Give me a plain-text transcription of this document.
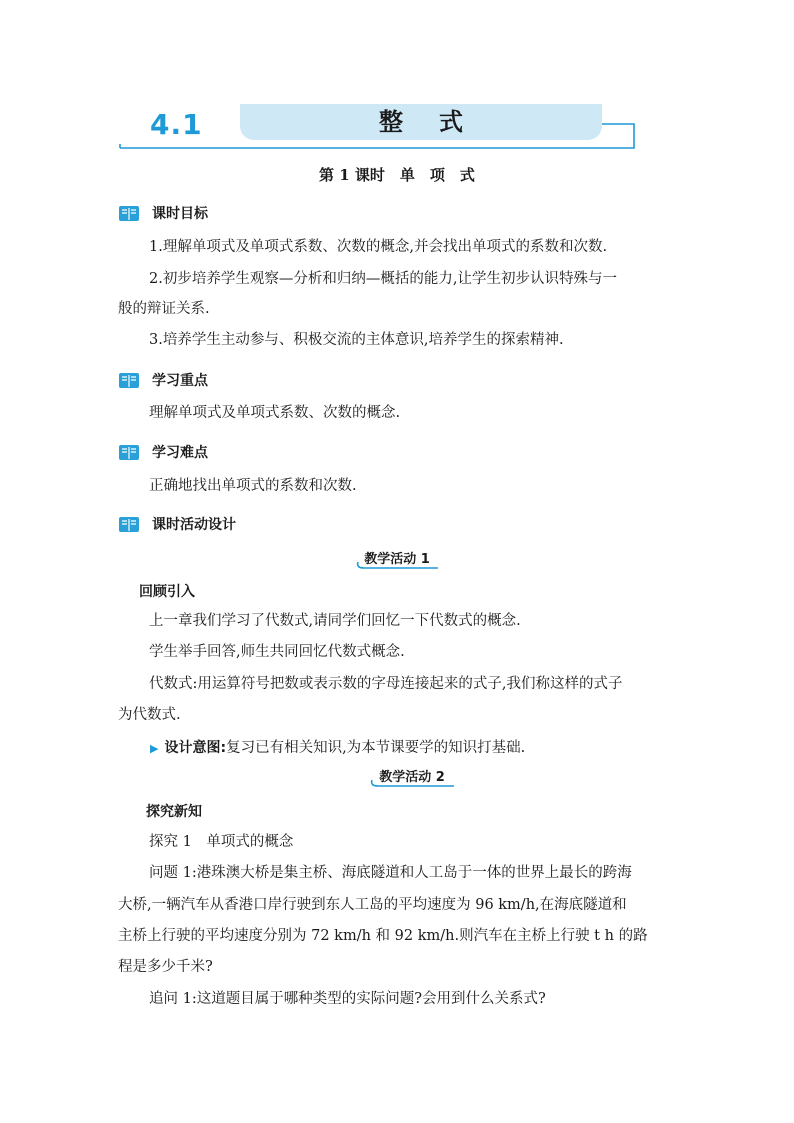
4.1	整式
第 1 课时　单　项　式
课时目标
1.理解单项式及单项式系数、次数的概念,并会找出单项式的系数和次数.
2.初步培养学生观察—分析和归纳—概括的能力,让学生初步认识特殊与一
般的辩证关系.
3.培养学生主动参与、积极交流的主体意识,培养学生的探索精神.
学习重点
理解单项式及单项式系数、次数的概念.
学习难点
正确地找出单项式的系数和次数.
课时活动设计
教学活动 1
回顾引入
上一章我们学习了代数式,请同学们回忆一下代数式的概念.
学生举手回答,师生共同回忆代数式概念.
代数式:用运算符号把数或表示数的字母连接起来的式子,我们称这样的式子
为代数式.
▶ 设计意图:复习已有相关知识,为本节课要学的知识打基础.
教学活动 2
探究新知
探究 1　单项式的概念
问题 1:港珠澳大桥是集主桥、海底隧道和人工岛于一体的世界上最长的跨海
大桥,一辆汽车从香港口岸行驶到东人工岛的平均速度为 96 km/h,在海底隧道和
主桥上行驶的平均速度分别为 72 km/h 和 92 km/h.则汽车在主桥上行驶 t h 的路
程是多少千米?
追问 1:这道题目属于哪种类型的实际问题?会用到什么关系式?
